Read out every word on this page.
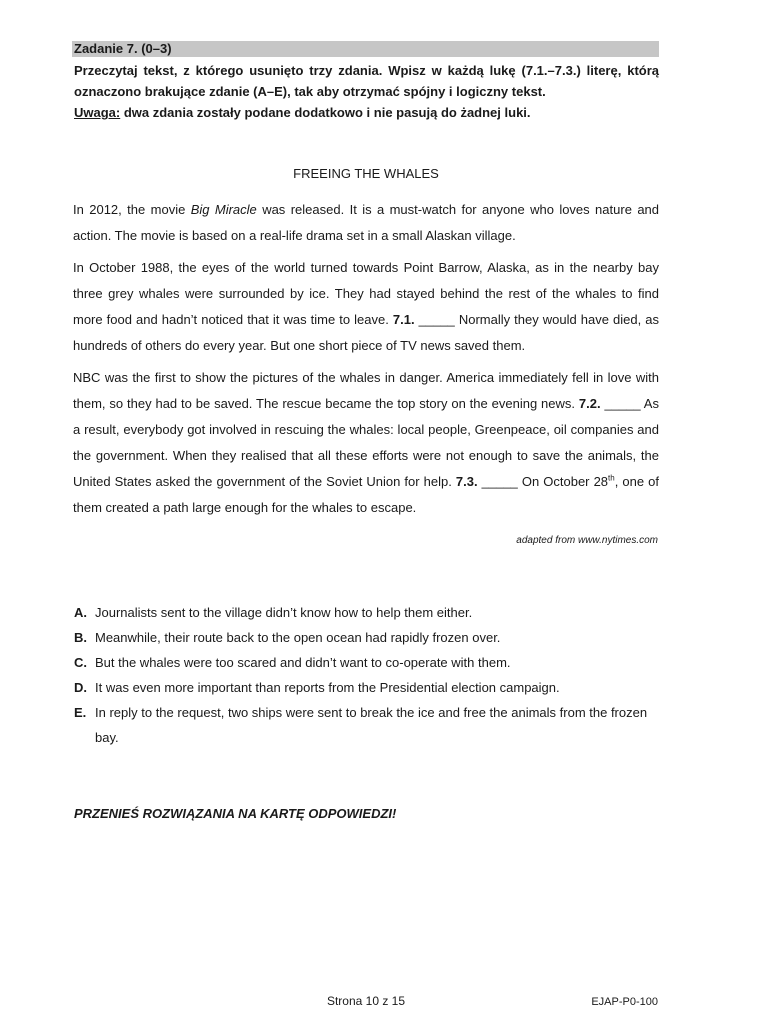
Zadanie 7. (0–3)

Przeczytaj tekst, z którego usunięto trzy zdania. Wpisz w każdą lukę (7.1.–7.3.) literę, którą oznaczono brakujące zdanie (A–E), tak aby otrzymać spójny i logiczny tekst.

Uwaga: dwa zdania zostały podane dodatkowo i nie pasują do żadnej luki.

FREEING THE WHALES

In 2012, the movie Big Miracle was released. It is a must-watch for anyone who loves nature and action. The movie is based on a real-life drama set in a small Alaskan village.

In October 1988, the eyes of the world turned towards Point Barrow, Alaska, as in the nearby bay three grey whales were surrounded by ice. They had stayed behind the rest of the whales to find more food and hadn’t noticed that it was time to leave. 7.1. _____ Normally they would have died, as hundreds of others do every year. But one short piece of TV news saved them.

NBC was the first to show the pictures of the whales in danger. America immediately fell in love with them, so they had to be saved. The rescue became the top story on the evening news. 7.2. _____ As a result, everybody got involved in rescuing the whales: local people, Greenpeace, oil companies and the government. When they realised that all these efforts were not enough to save the animals, the United States asked the government of the Soviet Union for help. 7.3. _____ On October 28th, one of them created a path large enough for the whales to escape.

adapted from www.nytimes.com
A. Journalists sent to the village didn’t know how to help them either.
B. Meanwhile, their route back to the open ocean had rapidly frozen over.
C. But the whales were too scared and didn’t want to co-operate with them.
D. It was even more important than reports from the Presidential election campaign.
E. In reply to the request, two ships were sent to break the ice and free the animals from the frozen bay.
PRZENIEŚ ROZWIĄZANIA NA KARTĘ ODPOWIEDZI!
Strona 10 z 15	EJAP-P0-100
